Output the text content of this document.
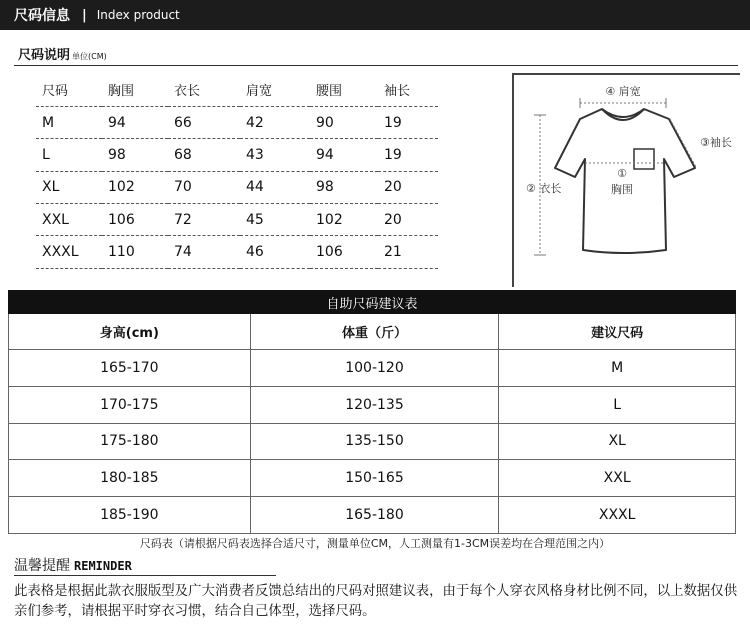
尺码信息 | Index product
尺码说明 单位(CM)
尺码	胸围	衣长	肩宽	腰围	袖长
M	94	66	42	90	19
L	98	68	43	94	19
XL	102	70	44	98	20
XXL	106	72	45	102	20
XXXL	110	74	46	106	21
④ 肩宽
③袖长
①
胸围
② 衣长
自助尺码建议表		
身高(cm)	体重（斤）	建议尺码
165-170	100-120	M
170-175	120-135	L
175-180	135-150	XL
180-185	150-165	XXL
185-190	165-180	XXXL
尺码表（请根据尺码表选择合适尺寸，测量单位CM，人工测量有1-3CM误差均在合理范围之内）
温馨提醒 REMINDER
此表格是根据此款衣服版型及广大消费者反馈总结出的尺码对照建议表，由于每个人穿衣风格身材比例不同，以上数据仅供亲们参考，请根据平时穿衣习惯，结合自己体型，选择尺码。
